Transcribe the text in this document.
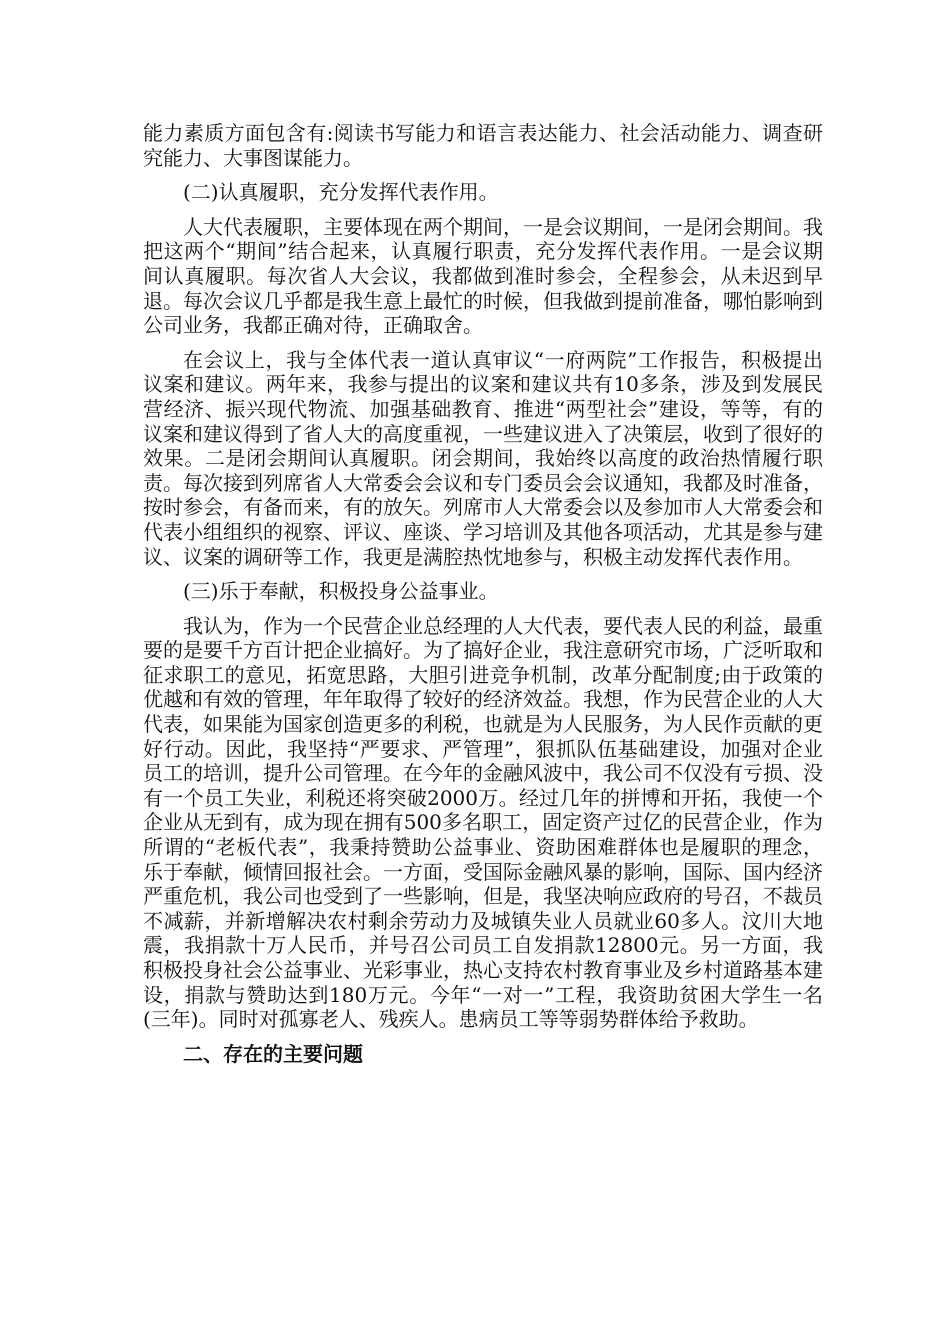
能力素质方面包含有:阅读书写能力和语言表达能力、社会活动能力、调查研究能力、大事图谋能力。

(二)认真履职，充分发挥代表作用。

人大代表履职，主要体现在两个期间，一是会议期间，一是闭会期间。我把这两个“期间”结合起来，认真履行职责，充分发挥代表作用。一是会议期间认真履职。每次省人大会议，我都做到准时参会，全程参会，从未迟到早退。每次会议几乎都是我生意上最忙的时候，但我做到提前准备，哪怕影响到公司业务，我都正确对待，正确取舍。

在会议上，我与全体代表一道认真审议“一府两院”工作报告，积极提出议案和建议。两年来，我参与提出的议案和建议共有10多条，涉及到发展民营经济、振兴现代物流、加强基础教育、推进“两型社会”建设，等等，有的议案和建议得到了省人大的高度重视，一些建议进入了决策层，收到了很好的效果。二是闭会期间认真履职。闭会期间，我始终以高度的政治热情履行职责。每次接到列席省人大常委会会议和专门委员会会议通知，我都及时准备，按时参会，有备而来，有的放矢。列席市人大常委会以及参加市人大常委会和代表小组组织的视察、评议、座谈、学习培训及其他各项活动，尤其是参与建议、议案的调研等工作，我更是满腔热忱地参与，积极主动发挥代表作用。

(三)乐于奉献，积极投身公益事业。

我认为，作为一个民营企业总经理的人大代表，要代表人民的利益，最重要的是要千方百计把企业搞好。为了搞好企业，我注意研究市场，广泛听取和征求职工的意见，拓宽思路，大胆引进竞争机制，改革分配制度;由于政策的优越和有效的管理，年年取得了较好的经济效益。我想，作为民营企业的人大代表，如果能为国家创造更多的利税，也就是为人民服务，为人民作贡献的更好行动。因此，我坚持“严要求、严管理”，狠抓队伍基础建设，加强对企业员工的培训，提升公司管理。在今年的金融风波中，我公司不仅没有亏损、没有一个员工失业，利税还将突破2000万。经过几年的拼博和开拓，我使一个企业从无到有，成为现在拥有500多名职工，固定资产过亿的民营企业，作为所谓的“老板代表”，我秉持赞助公益事业、资助困难群体也是履职的理念，乐于奉献，倾情回报社会。一方面，受国际金融风暴的影响，国际、国内经济严重危机，我公司也受到了一些影响，但是，我坚决响应政府的号召，不裁员不减薪，并新增解决农村剩余劳动力及城镇失业人员就业60多人。汶川大地震，我捐款十万人民币，并号召公司员工自发捐款12800元。另一方面，我积极投身社会公益事业、光彩事业，热心支持农村教育事业及乡村道路基本建设，捐款与赞助达到180万元。今年“一对一”工程，我资助贫困大学生一名(三年)。同时对孤寡老人、残疾人。患病员工等等弱势群体给予救助。

二、存在的主要问题
